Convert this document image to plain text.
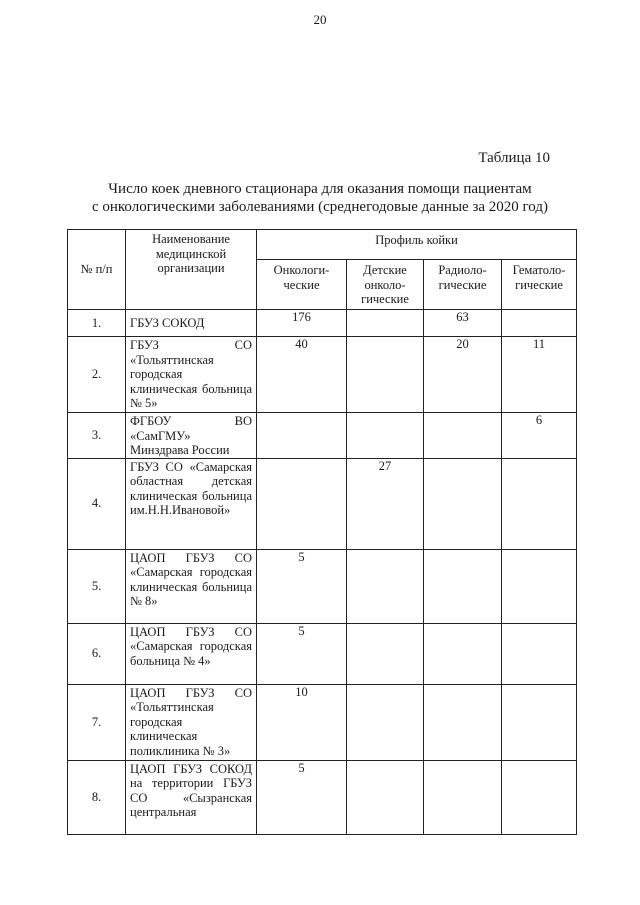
20
Таблица 10
Число коек дневного стационара для оказания помощи пациентам
с онкологическими заболеваниями (среднегодовые данные за 2020 год)
№ п/п	Наименование медицинской организации	Профиль койки			
		Онкологи-ческие	Детские онколо-гические	Радиоло-гические	Гематоло-гические
1.	ГБУЗ СОКОД	176		63	
2.	ГБУЗ СО «Тольяттинская городская клиническая больница № 5»	40		20	11
3.	ФГБОУ ВО «СамГМУ» Минздрава России				6
4.	ГБУЗ СО «Самарская областная детская клиническая больница им.Н.Н.Ивановой»		27		
5.	ЦАОП ГБУЗ СО «Самарская городская клиническая больница № 8»	5			
6.	ЦАОП ГБУЗ СО «Самарская городская больница № 4»	5			
7.	ЦАОП ГБУЗ СО «Тольяттинская городская клиническая поликлиника № 3»	10			
8.	ЦАОП ГБУЗ СОКОД на территории ГБУЗ СО «Сызранская центральная	5			
